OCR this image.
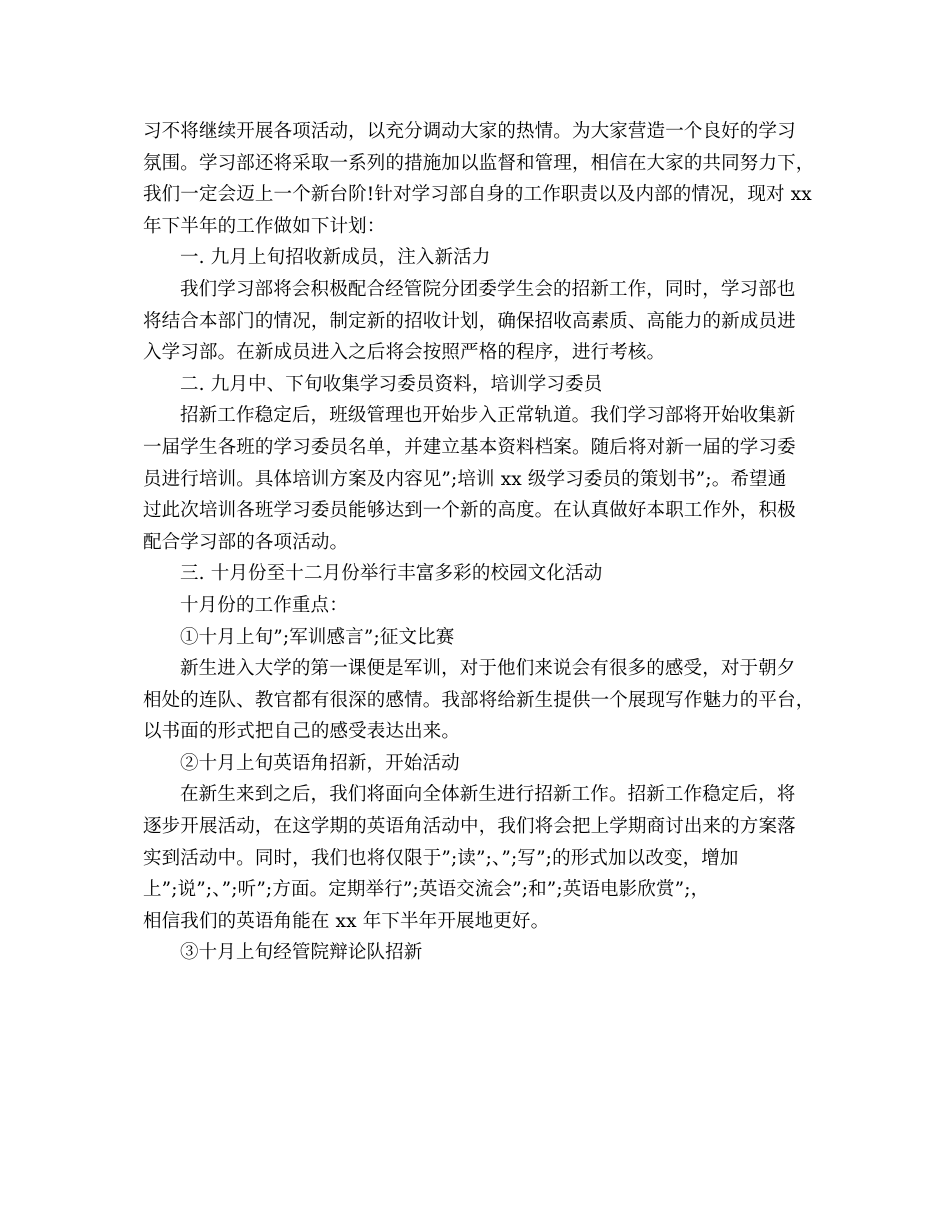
习不将继续开展各项活动，以充分调动大家的热情。为大家营造一个良好的学习
氛围。学习部还将采取一系列的措施加以监督和管理，相信在大家的共同努力下，
我们一定会迈上一个新台阶!针对学习部自身的工作职责以及内部的情况，现对 xx
年下半年的工作做如下计划：
一. 九月上旬招收新成员，注入新活力
我们学习部将会积极配合经管院分团委学生会的招新工作，同时，学习部也
将结合本部门的情况，制定新的招收计划，确保招收高素质、高能力的新成员进
入学习部。在新成员进入之后将会按照严格的程序，进行考核。
二. 九月中、下旬收集学习委员资料，培训学习委员
招新工作稳定后，班级管理也开始步入正常轨道。我们学习部将开始收集新
一届学生各班的学习委员名单，并建立基本资料档案。随后将对新一届的学习委
员进行培训。具体培训方案及内容见”;培训 xx 级学习委员的策划书”;。希望通
过此次培训各班学习委员能够达到一个新的高度。在认真做好本职工作外，积极
配合学习部的各项活动。
三. 十月份至十二月份举行丰富多彩的校园文化活动
十月份的工作重点：
①十月上旬”;军训感言”;征文比赛
新生进入大学的第一课便是军训，对于他们来说会有很多的感受，对于朝夕
相处的连队、教官都有很深的感情。我部将给新生提供一个展现写作魅力的平台，
以书面的形式把自己的感受表达出来。
②十月上旬英语角招新，开始活动
在新生来到之后，我们将面向全体新生进行招新工作。招新工作稳定后，将
逐步开展活动，在这学期的英语角活动中，我们将会把上学期商讨出来的方案落
实到活动中。同时，我们也将仅限于”;读”;、”;写”;的形式加以改变，增加
上”;说”;、”;听”;方面。定期举行”;英语交流会”;和”;英语电影欣赏”;，
相信我们的英语角能在 xx 年下半年开展地更好。
③十月上旬经管院辩论队招新
